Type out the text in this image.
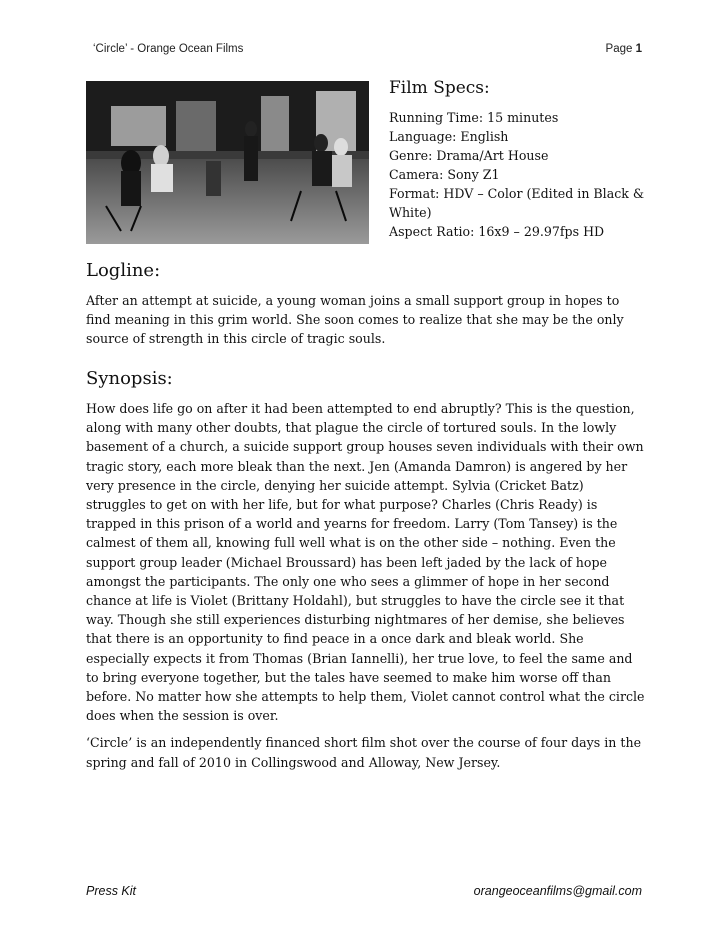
‘Circle’ - Orange Ocean Films	Page 1
Film Specs:
Running Time: 15 minutes
Language: English
Genre: Drama/Art House
Camera: Sony Z1
Format: HDV – Color (Edited in Black & White)
Aspect Ratio: 16x9 – 29.97fps HD
Logline:

After an attempt at suicide, a young woman joins a small support group in hopes to find meaning in this grim world. She soon comes to realize that she may be the only source of strength in this circle of tragic souls.

Synopsis:

How does life go on after it had been attempted to end abruptly? This is the question, along with many other doubts, that plague the circle of tortured souls. In the lowly basement of a church, a suicide support group houses seven individuals with their own tragic story, each more bleak than the next. Jen (Amanda Damron) is angered by her very presence in the circle, denying her suicide attempt. Sylvia (Cricket Batz) struggles to get on with her life, but for what purpose? Charles (Chris Ready) is trapped in this prison of a world and yearns for freedom. Larry (Tom Tansey) is the calmest of them all, knowing full well what is on the other side – nothing. Even the support group leader (Michael Broussard) has been left jaded by the lack of hope amongst the participants. The only one who sees a glimmer of hope in her second chance at life is Violet (Brittany Holdahl), but struggles to have the circle see it that way. Though she still experiences disturbing nightmares of her demise, she believes that there is an opportunity to find peace in a once dark and bleak world. She especially expects it from Thomas (Brian Iannelli), her true love, to feel the same and to bring everyone together, but the tales have seemed to make him worse off than before. No matter how she attempts to help them, Violet cannot control what the circle does when the session is over.

‘Circle’ is an independently financed short film shot over the course of four days in the spring and fall of 2010 in Collingswood and Alloway, New Jersey.

Press Kit	orangeoceanfilms@gmail.com
